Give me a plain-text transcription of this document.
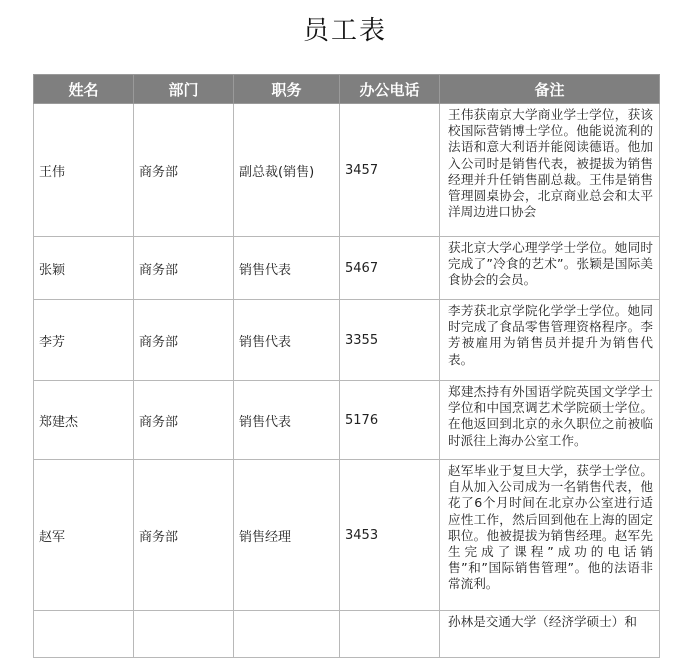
员工表
姓名	部门	职务	办公电话	备注
王伟	商务部	副总裁(销售)	3457	王伟获南京大学商业学士学位，获该校国际营销博士学位。他能说流利的法语和意大利语并能阅读德语。他加入公司时是销售代表，被提拔为销售经理并升任销售副总裁。王伟是销售管理圆桌协会，北京商业总会和太平洋周边进口协会
张颖	商务部	销售代表	5467	获北京大学心理学学士学位。她同时完成了”冷食的艺术”。张颖是国际美食协会的会员。
李芳	商务部	销售代表	3355	李芳获北京学院化学学士学位。她同时完成了食品零售管理资格程序。李芳被雇用为销售员并提升为销售代表。
郑建杰	商务部	销售代表	5176	郑建杰持有外国语学院英国文学学士学位和中国烹调艺术学院硕士学位。在他返回到北京的永久职位之前被临时派往上海办公室工作。
赵军	商务部	销售经理	3453	赵军毕业于复旦大学，获学士学位。自从加入公司成为一名销售代表，他花了6个月时间在北京办公室进行适应性工作，然后回到他在上海的固定职位。他被提拔为销售经理。赵军先生完成了课程”成功的电话销售”和”国际销售管理”。他的法语非常流利。
				孙林是交通大学（经济学硕士）和
